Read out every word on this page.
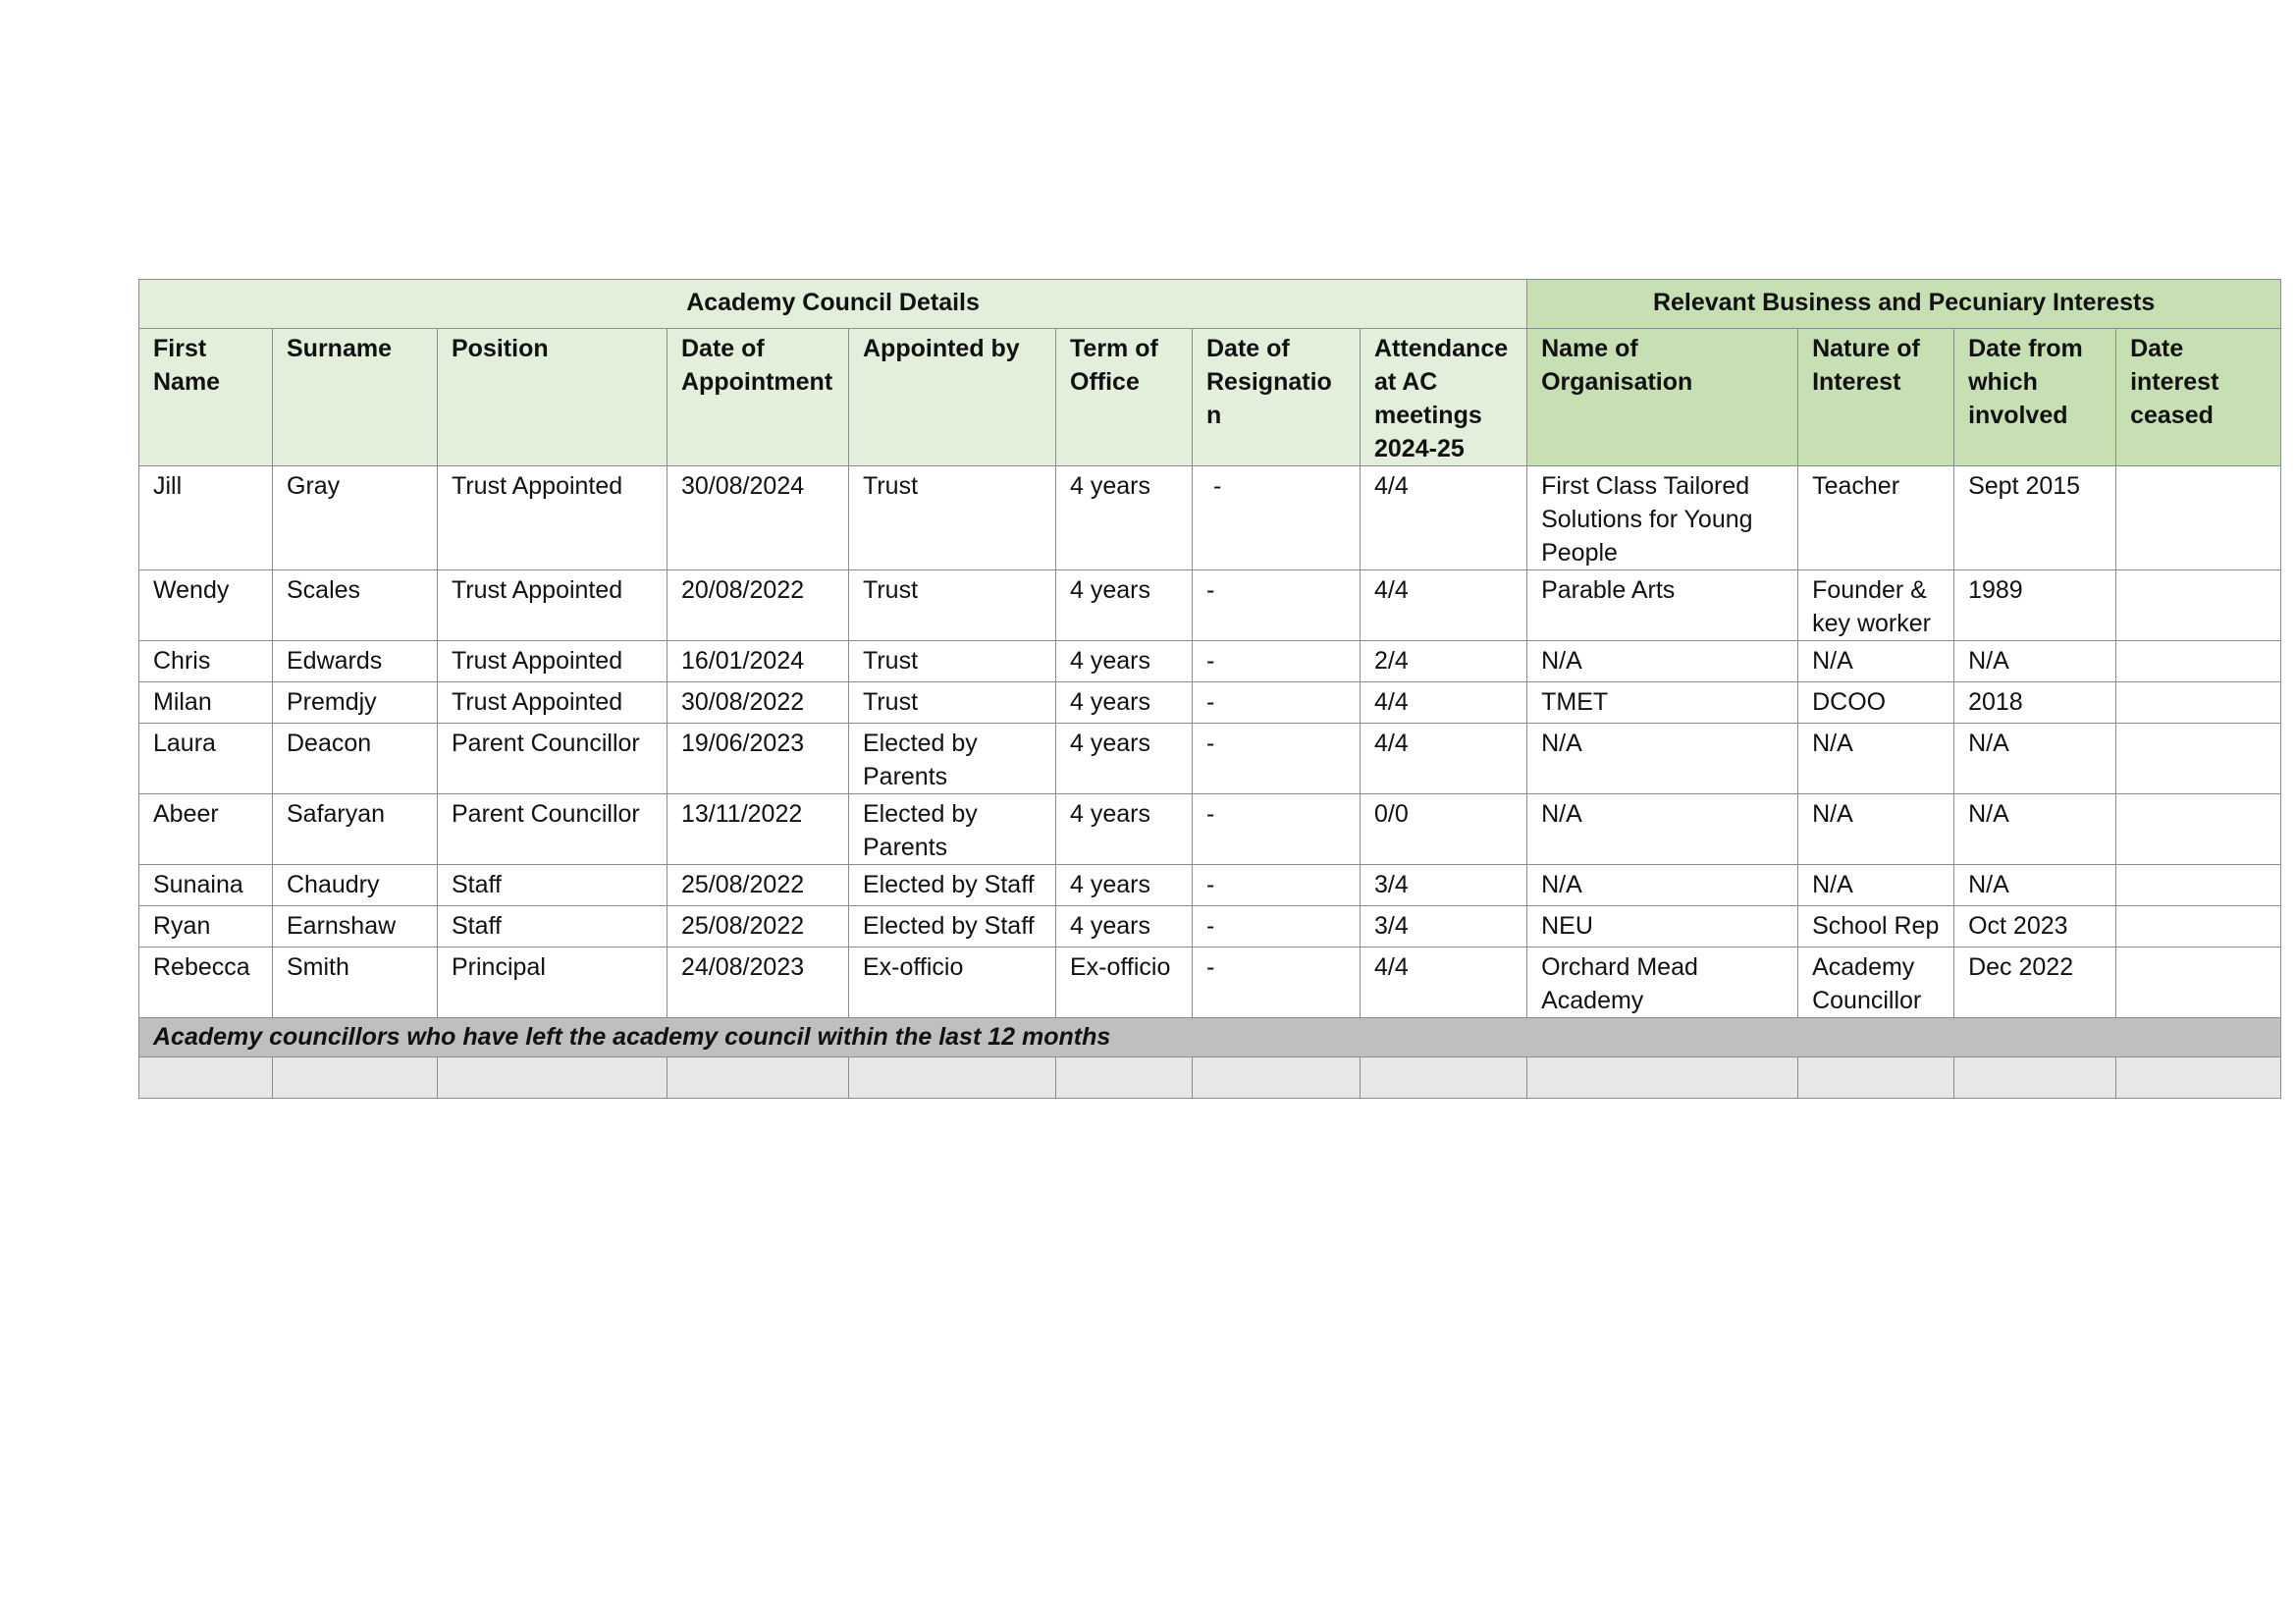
Academy Council Details								Relevant Business and Pecuniary Interests			
First Name	Surname	Position	Date of Appointment	Appointed by	Term of Office	Date of Resignation	Attendance at AC meetings 2024-25	Name of Organisation	Nature of Interest	Date from which involved	Date interest ceased
Jill	Gray	Trust Appointed	30/08/2024	Trust	4 years	-	4/4	First Class Tailored Solutions for Young People	Teacher	Sept 2015	
Wendy	Scales	Trust Appointed	20/08/2022	Trust	4 years	-	4/4	Parable Arts	Founder & key worker	1989	
Chris	Edwards	Trust Appointed	16/01/2024	Trust	4 years	-	2/4	N/A	N/A	N/A	
Milan	Premdjy	Trust Appointed	30/08/2022	Trust	4 years	-	4/4	TMET	DCOO	2018	
Laura	Deacon	Parent Councillor	19/06/2023	Elected by Parents	4 years	-	4/4	N/A	N/A	N/A	
Abeer	Safaryan	Parent Councillor	13/11/2022	Elected by Parents	4 years	-	0/0	N/A	N/A	N/A	
Sunaina	Chaudry	Staff	25/08/2022	Elected by Staff	4 years	-	3/4	N/A	N/A	N/A	
Ryan	Earnshaw	Staff	25/08/2022	Elected by Staff	4 years	-	3/4	NEU	School Rep	Oct 2023	
Rebecca	Smith	Principal	24/08/2023	Ex-officio	Ex-officio	-	4/4	Orchard Mead Academy	Academy Councillor	Dec 2022	
Academy councillors who have left the academy council within the last 12 months											
